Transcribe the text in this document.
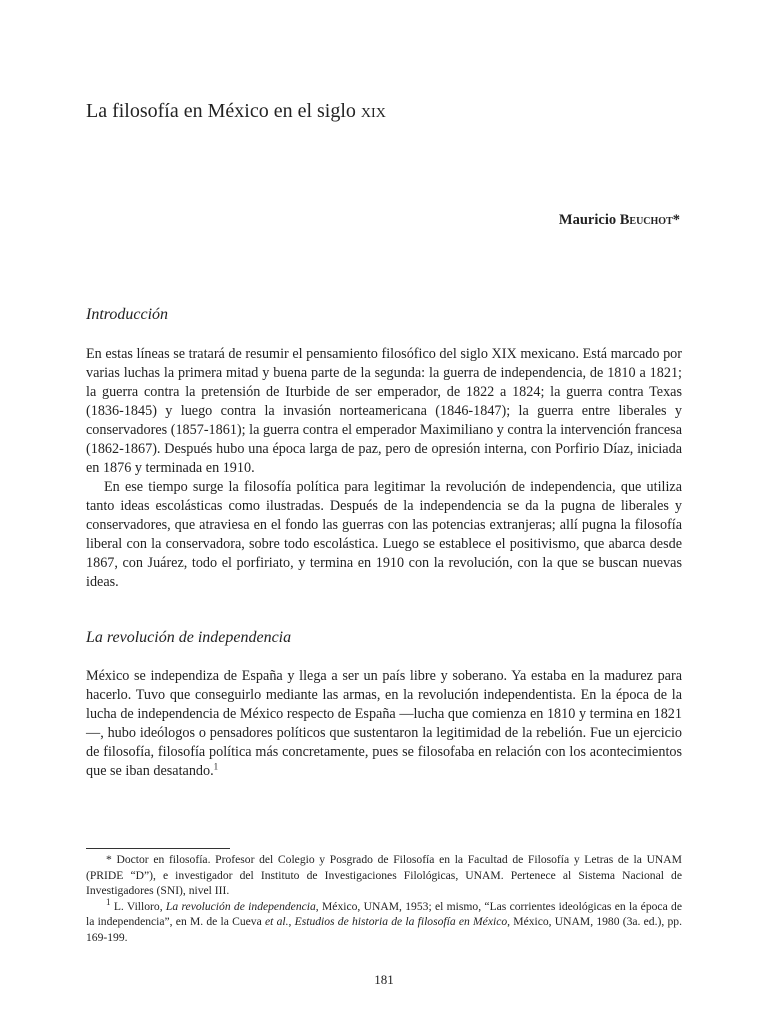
La filosofía en México en el siglo xix
Mauricio Beuchot*
Introducción

En estas líneas se tratará de resumir el pensamiento filosófico del siglo XIX mexicano. Está marcado por varias luchas la primera mitad y buena parte de la segunda: la guerra de independencia, de 1810 a 1821; la guerra contra la pretensión de Iturbide de ser emperador, de 1822 a 1824; la guerra contra Texas (1836-1845) y luego contra la invasión norteamericana (1846-1847); la guerra entre liberales y conservadores (1857-1861); la guerra contra el emperador Maximiliano y contra la intervención francesa (1862-1867). Después hubo una época larga de paz, pero de opresión interna, con Porfirio Díaz, iniciada en 1876 y terminada en 1910.

En ese tiempo surge la filosofía política para legitimar la revolución de independencia, que utiliza tanto ideas escolásticas como ilustradas. Después de la independencia se da la pugna de liberales y conservadores, que atraviesa en el fondo las guerras con las potencias extranjeras; allí pugna la filosofía liberal con la conservadora, sobre todo escolástica. Luego se establece el positivismo, que abarca desde 1867, con Juárez, todo el porfiriato, y termina en 1910 con la revolución, con la que se buscan nuevas ideas.

La revolución de independencia

México se independiza de España y llega a ser un país libre y soberano. Ya estaba en la madurez para hacerlo. Tuvo que conseguirlo mediante las armas, en la revolución independentista. En la época de la lucha de independencia de México respecto de España —lucha que comienza en 1810 y termina en 1821—, hubo ideólogos o pensadores políticos que sustentaron la legitimidad de la rebelión. Fue un ejercicio de filosofía, filosofía política más concretamente, pues se filosofaba en relación con los acontecimientos que se iban desatando.$^1$

* Doctor en filosofía. Profesor del Colegio y Posgrado de Filosofía en la Facultad de Filosofía y Letras de la UNAM (PRIDE “D”), e investigador del Instituto de Investigaciones Filológicas, UNAM. Pertenece al Sistema Nacional de Investigadores (SNI), nivel III.

$^1$ L. Villoro, La revolución de independencia, México, UNAM, 1953; el mismo, “Las corrientes ideológicas en la época de la independencia”, en M. de la Cueva et al., Estudios de historia de la filosofía en México, México, UNAM, 1980 (3a. ed.), pp. 169-199.

181
